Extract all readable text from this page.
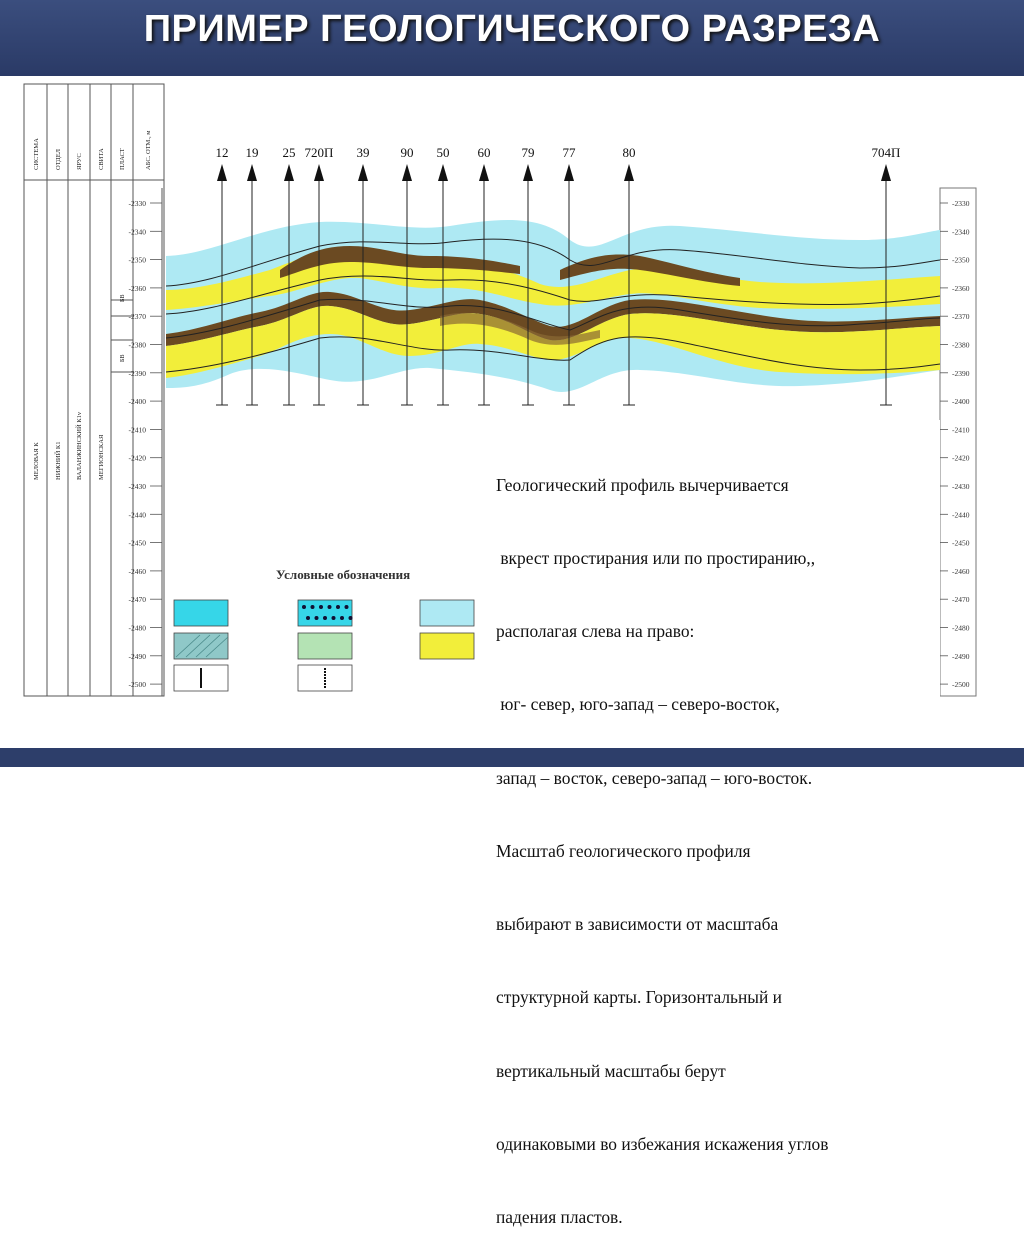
ПРИМЕР ГЕОЛОГИЧЕСКОГО РАЗРЕЗА
СИСТЕМА ОТДЕЛ ЯРУС СВИТА ПЛАСТ	АБС. ОТМ., м
МЕЛОВАЯ К НИЖНИЙ К1 ВАЛАНЖИНСКИЙ К1v МЕГИОНСКАЯ
БВ
БВ
-2330
-2340
-2350
-2360
-2370
-2380
-2390
-2400
-2410
-2420
-2430
-2440
-2450
-2460
-2470
-2480
-2490
-2500
-2330
-2340
-2350
-2360
-2370
-2380
-2390
-2400
-2410
-2420
-2430
-2440
-2450
-2460
-2470
-2480
-2490
-2500
12 19 25 720П 39 90 50 60 79 77	80	704П
Условные обозначения

Геологический профиль вычерчивается

вкрест простирания или по простиранию,,

располагая слева на право:

юг- север, юго-запад – северо-восток,

запад – восток, северо-запад – юго-восток.

Масштаб геологического профиля

выбирают в зависимости от масштаба

структурной карты. Горизонтальный и

вертикальный масштабы берут

одинаковыми во избежания искажения углов

падения пластов.
